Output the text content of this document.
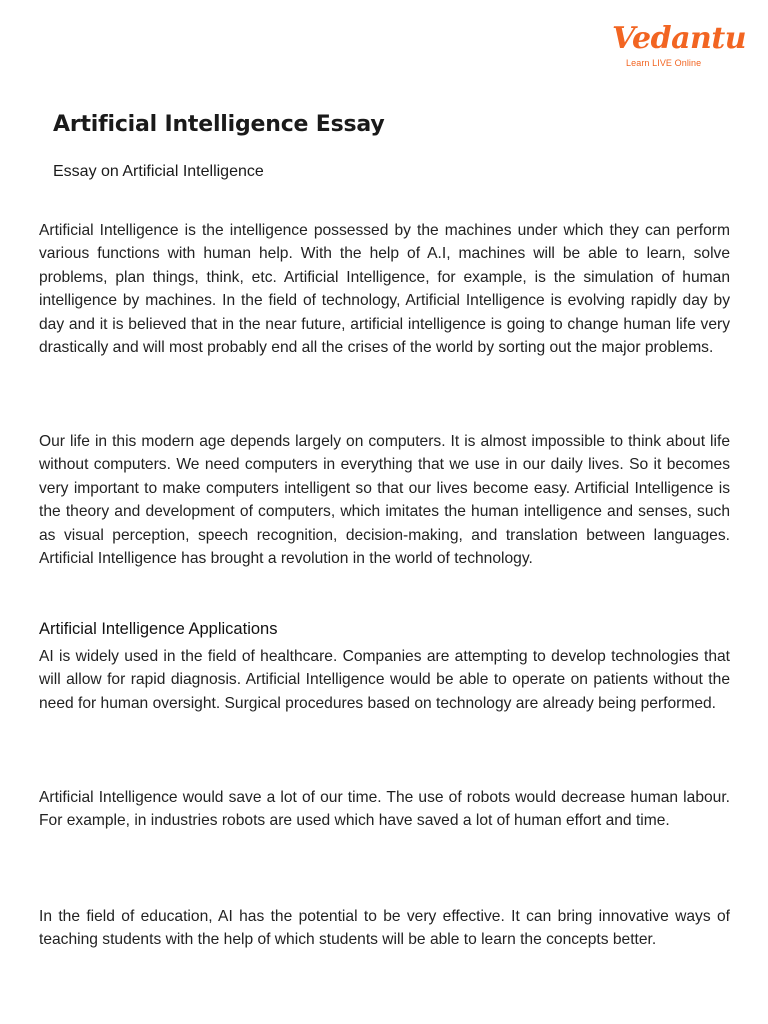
Vedantu
Learn LIVE Online
Artificial Intelligence Essay
Essay on Artificial Intelligence

Artificial Intelligence is the intelligence possessed by the machines under which they can perform various functions with human help. With the help of A.I, machines will be able to learn, solve problems, plan things, think, etc. Artificial Intelligence, for example, is the simulation of human intelligence by machines. In the field of technology, Artificial Intelligence is evolving rapidly day by day and it is believed that in the near future, artificial intelligence is going to change human life very drastically and will most probably end all the crises of the world by sorting out the major problems.

Our life in this modern age depends largely on computers. It is almost impossible to think about life without computers. We need computers in everything that we use in our daily lives. So it becomes very important to make computers intelligent so that our lives become easy. Artificial Intelligence is the theory and development of computers, which imitates the human intelligence and senses, such as visual perception, speech recognition, decision-making, and translation between languages. Artificial Intelligence has brought a revolution in the world of technology.

Artificial Intelligence Applications

AI is widely used in the field of healthcare. Companies are attempting to develop technologies that will allow for rapid diagnosis. Artificial Intelligence would be able to operate on patients without the need for human oversight. Surgical procedures based on technology are already being performed.

Artificial Intelligence would save a lot of our time. The use of robots would decrease human labour. For example, in industries robots are used which have saved a lot of human effort and time.

In the field of education, AI has the potential to be very effective. It can bring innovative ways of teaching students with the help of which students will be able to learn the concepts better.
